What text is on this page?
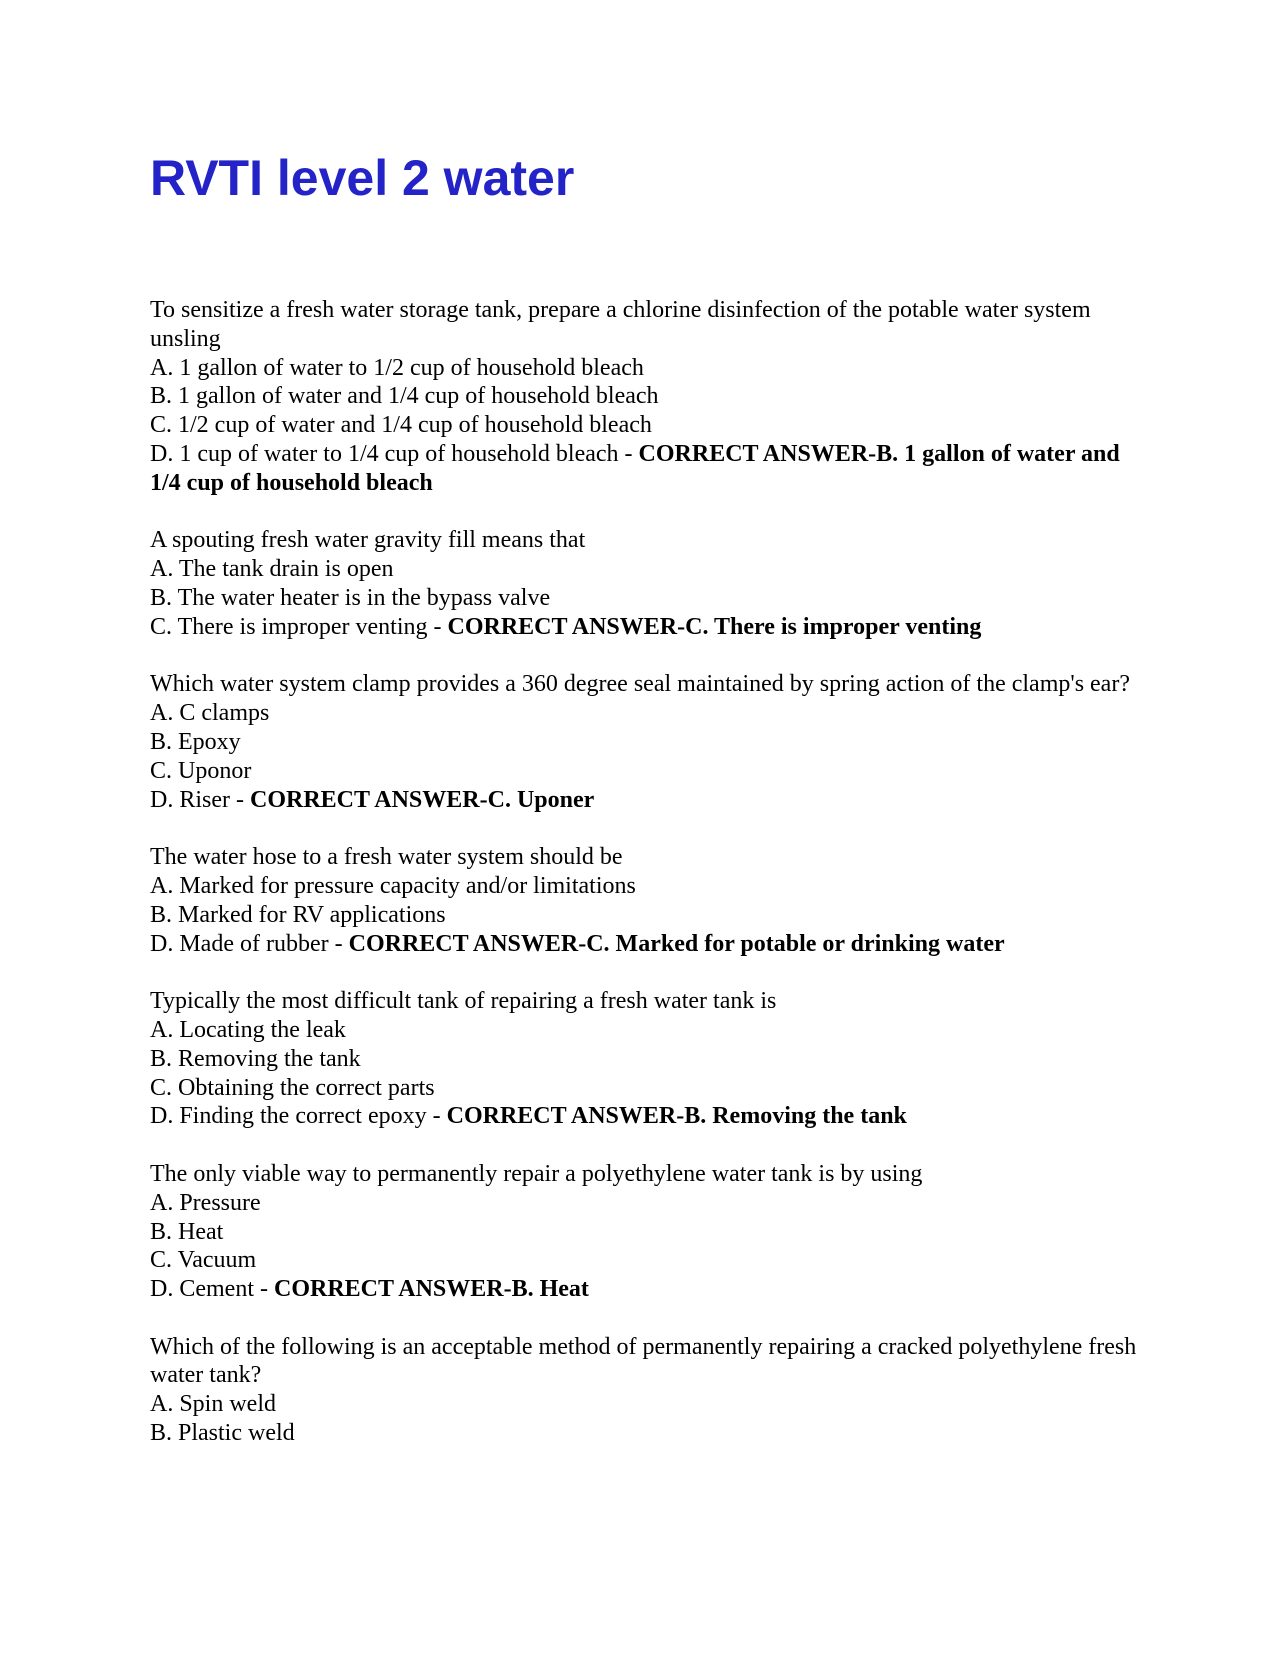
RVTI level 2 water
To sensitize a fresh water storage tank, prepare a chlorine disinfection of the potable water system unsling
A. 1 gallon of water to 1/2 cup of household bleach
B. 1 gallon of water and 1/4 cup of household bleach
C. 1/2 cup of water and 1/4 cup of household bleach
D. 1 cup of water to 1/4 cup of household bleach - CORRECT ANSWER-B. 1 gallon of water and 1/4 cup of household bleach
A spouting fresh water gravity fill means that
A. The tank drain is open
B. The water heater is in the bypass valve
C. There is improper venting - CORRECT ANSWER-C. There is improper venting
Which water system clamp provides a 360 degree seal maintained by spring action of the clamp's ear?
A. C clamps
B. Epoxy
C. Uponor
D. Riser - CORRECT ANSWER-C. Uponer
The water hose to a fresh water system should be
A. Marked for pressure capacity and/or limitations
B. Marked for RV applications
D. Made of rubber - CORRECT ANSWER-C. Marked for potable or drinking water
Typically the most difficult tank of repairing a fresh water tank is
A. Locating the leak
B. Removing the tank
C. Obtaining the correct parts
D. Finding the correct epoxy - CORRECT ANSWER-B. Removing the tank
The only viable way to permanently repair a polyethylene water tank is by using
A. Pressure
B. Heat
C. Vacuum
D. Cement - CORRECT ANSWER-B. Heat
Which of the following is an acceptable method of permanently repairing a cracked polyethylene fresh water tank?
A. Spin weld
B. Plastic weld
